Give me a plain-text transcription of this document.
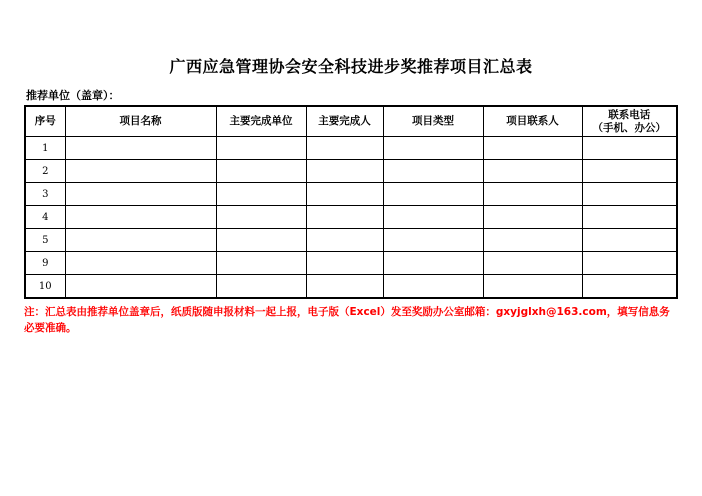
广西应急管理协会安全科技进步奖推荐项目汇总表
推荐单位（盖章）：
序号	项目名称	主要完成单位	主要完成人	项目类型	项目联系人	联系电话
（手机、办公）

1						
2						
3						
4						
5						
9						
10						
注：汇总表由推荐单位盖章后，纸质版随申报材料一起上报，电子版（Excel）发至奖励办公室邮箱：gxyjglxh@163.com，填写信息务必要准确。
